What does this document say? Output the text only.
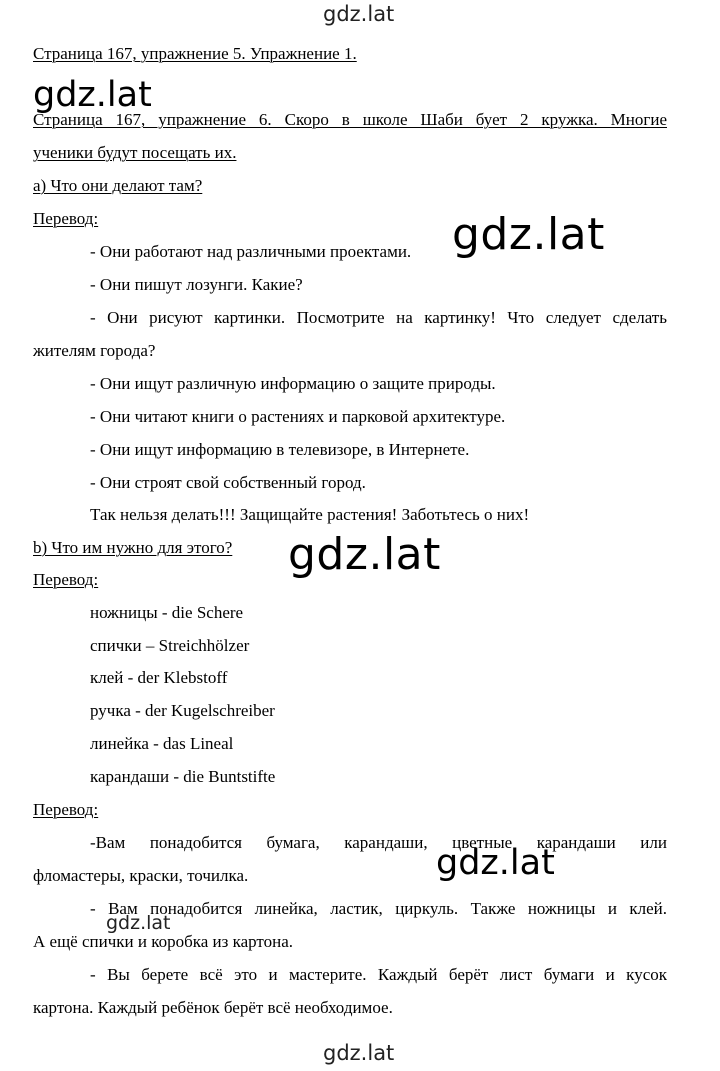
gdz.lat
gdz.lat
gdz.lat
gdz.lat
gdz.lat
gdz.lat
gdz.lat
Страница 167, упражнение 5. Упражнение 1.
Страница 167, упражнение 6. Скоро в школе Шаби бует 2 кружка. Многие
ученики будут посещать их.
а) Что они делают там?
Перевод:
- Они работают над различными проектами.
- Они пишут лозунги. Какие?
- Они рисуют картинки. Посмотрите на картинку! Что следует сделать
жителям города?
- Они ищут различную информацию о защите природы.
- Они читают книги о растениях и парковой архитектуре.
- Они ищут информацию в телевизоре, в Интернете.
- Они строят свой собственный город.
Так нельзя делать!!! Защищайте растения! Заботьтесь о них!
b) Что им нужно для этого?
Перевод:
ножницы - die Schere
спички – Streichhölzer
клей - der Klebstoff
ручка - der Kugelschreiber
линейка - das Lineal
карандаши - die Buntstifte
Перевод:
-Вам понадобится бумага, карандаши, цветные карандаши или
фломастеры, краски, точилка.
- Вам понадобится линейка, ластик, циркуль. Также ножницы и клей.
А ещё спички и коробка из картона.
- Вы берете всё это и мастерите. Каждый берёт лист бумаги и кусок
картона. Каждый ребёнок берёт всё необходимое.
